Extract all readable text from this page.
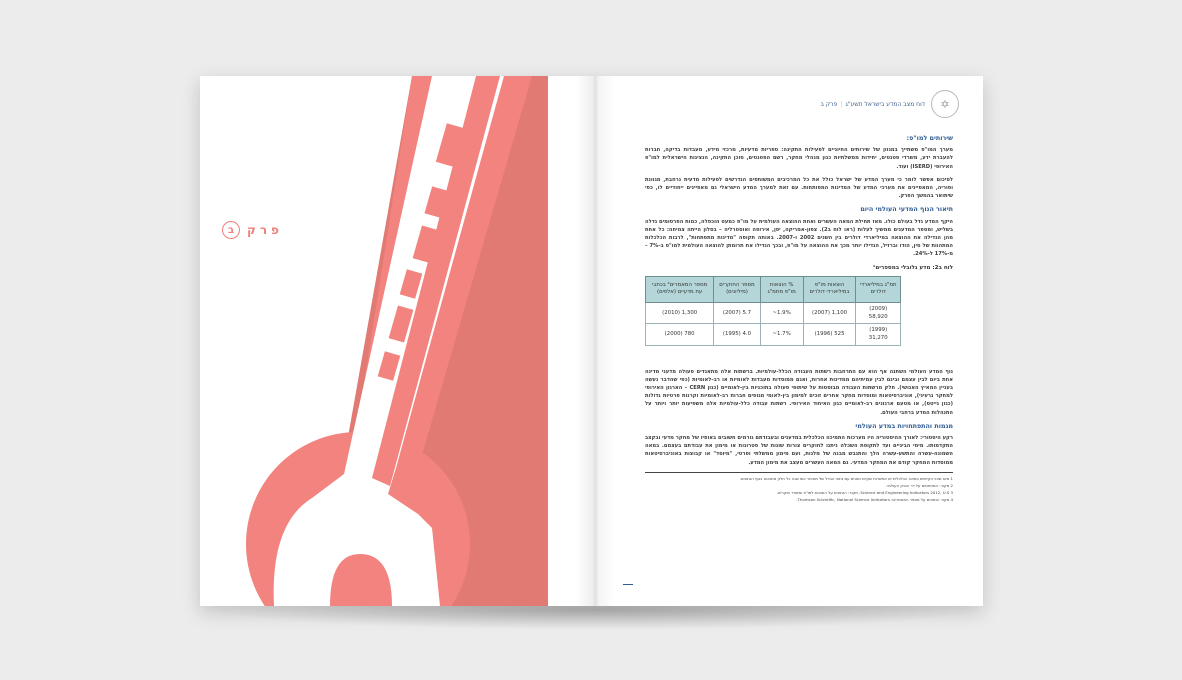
פרק
ב
✡
דוח מצב המדע בישראל תשע"ג|פרק ב
שירותים למו"פ:

מערך המו"פ משתייך במגוון של שירותים החיוניים לפעילות התקינה: ספריות מדעיות, מרכזי מידע, מעבדות בדיקה, חברות להעברת ידע, משרדי פטנטים, יחידות ממשלתיות כגון מנהלי מחקר, רשם הפטנטים, סוכן התקינה, הנציגות הישראלית למו"פ האירופי (ISERD) ועוד.

לסיכום אפשר לומר כי מערך המדע של ישראל כולל את כל המרכיבים המשותפים הנדרשים לפעילות מדעית נרחבת, מגוונת ופוריה, המאפיינים את מערכי המדע של המדינות המפותחות. עם זאת למערך המדע הישראלי גם מאפיינים ייחודיים לו, כפי שיתואר בהמשך הפרק.

תיאור הנוף המדעי העולמי היום

היקף המדע גדל בעולם כולו. מאז תחילת המאה העשרים ואחת ההוצאה העולמית על מו"פ כמעט הוכפלה, כמות הפרסומים גדלה בשליש, ומספר המדענים ממשיך לעלות (ראו לוח ב2). צפון-אמריקה, יפן, אירופה ואוסטרליה – בסלון הייתה צמיחה: כל אחת מהן הגדילה את ההוצאה במיליארדי דולרים בין השנים 2002 ו-2007. באותה תקופה "מדינות מתפתחות", לרבות הכלכלות המתהוות של סין, הודו וברזיל, הגדילו יותר מכך את ההוצאה על מו"פ, ובכך הגדילו את תרומתן להוצאה העולמית למו"פ ב-7% – מ-17% ל-24%.

לוח ב2: מדע גלובלי במספרים¹
תמ"ג במיליארדי דולרים	הוצאות מו"פ במיליארדי דולרים	% הוצאות מו"פ מתמ"ג	מספר החוקרים (מיליונים)	מספר המאמרים² בכתבי עת מדעיים (אלפים)
(2009) 58,920	(2007) 1,100	~1.9%	(2007) 5.7	(2010) 1,300
(1999) 31,270	(1996) 525	~1.7%	(1995) 4.0	(2000) 780

נוף המדע העולמי השתנה אף הוא עם התרחבות רשתות העבודה הכלל-עולמיות. ברשתות אלה מתאגדים פעולה מדעני מדינה אחת ביום לבין עצמם ובינם לבין עמיתיהם ממדינות אחרות, ואגם ממוסדות מעבדות לאומיות או רב-לאומיות (כפי שהדבר נעשה בעניין המאיץ האנושי). חלק מרשתות העבודה מבוססות על שיתופי פעולה בתוכניות בין-לאומיים (כגון CERN – הארגון האירופי למחקר גרעיני), אוניברסיטאות ומוסדות מחקר אחרים זוכים למימון בין-לאומי מגופים חברות רב-לאומיות וקרנות פרטיות גדולות (כגון גייטס), או מטעם ארגונים רב-לאומיים כגון האיחוד האירופי. רשתות עבודה כלל-עולמיות אלה משפיעות יותר ויותר על התנהלות המדע ברחבי העולם.

מגמות והתפתחויות במדע העולמי

רקע היסטורי: לאורך ההיסטוריה היו מערכות התמיכה הכלכלית במדענים ובעבודתם גורמים חשובים באופיו של מחקר מדעי ובקצב התקדמותו. מימי הביניים ועד לתקופת השכלה ניתנו לחוקרים צורות שונות של פטרונות או מימון את עבודתם בעצמם. במאה השמונה-עשרה והתשע-עשרה הלך והתגבש מבנה של מלגות, ועם מימון ממשלתי ופרטי, "מיוסד" או קבוצות באוניברסיטאות ממוסדות המחקר קודם את המחקר המדעי. גם המאה העשרים מעצב את מימון המדע.

1 מאז שינוי הקיימים במאה הכלכלית יש אפשרות שקיים נתונים עם נתוני הבדל של מאוחר כמו שנה כל חלק מתבטא בגוף הנתונים.
2 מקור: המתחמים על ידי הבנק העולמי.
3 Science and Engineering Indicators 2012, U.S. מקור: הנתונים על הוצאות למו"פ ומספר חוקרים.
4 מקור הנתונים על מספר המאמרים: Thomson Scientific, National Science Indicators.
